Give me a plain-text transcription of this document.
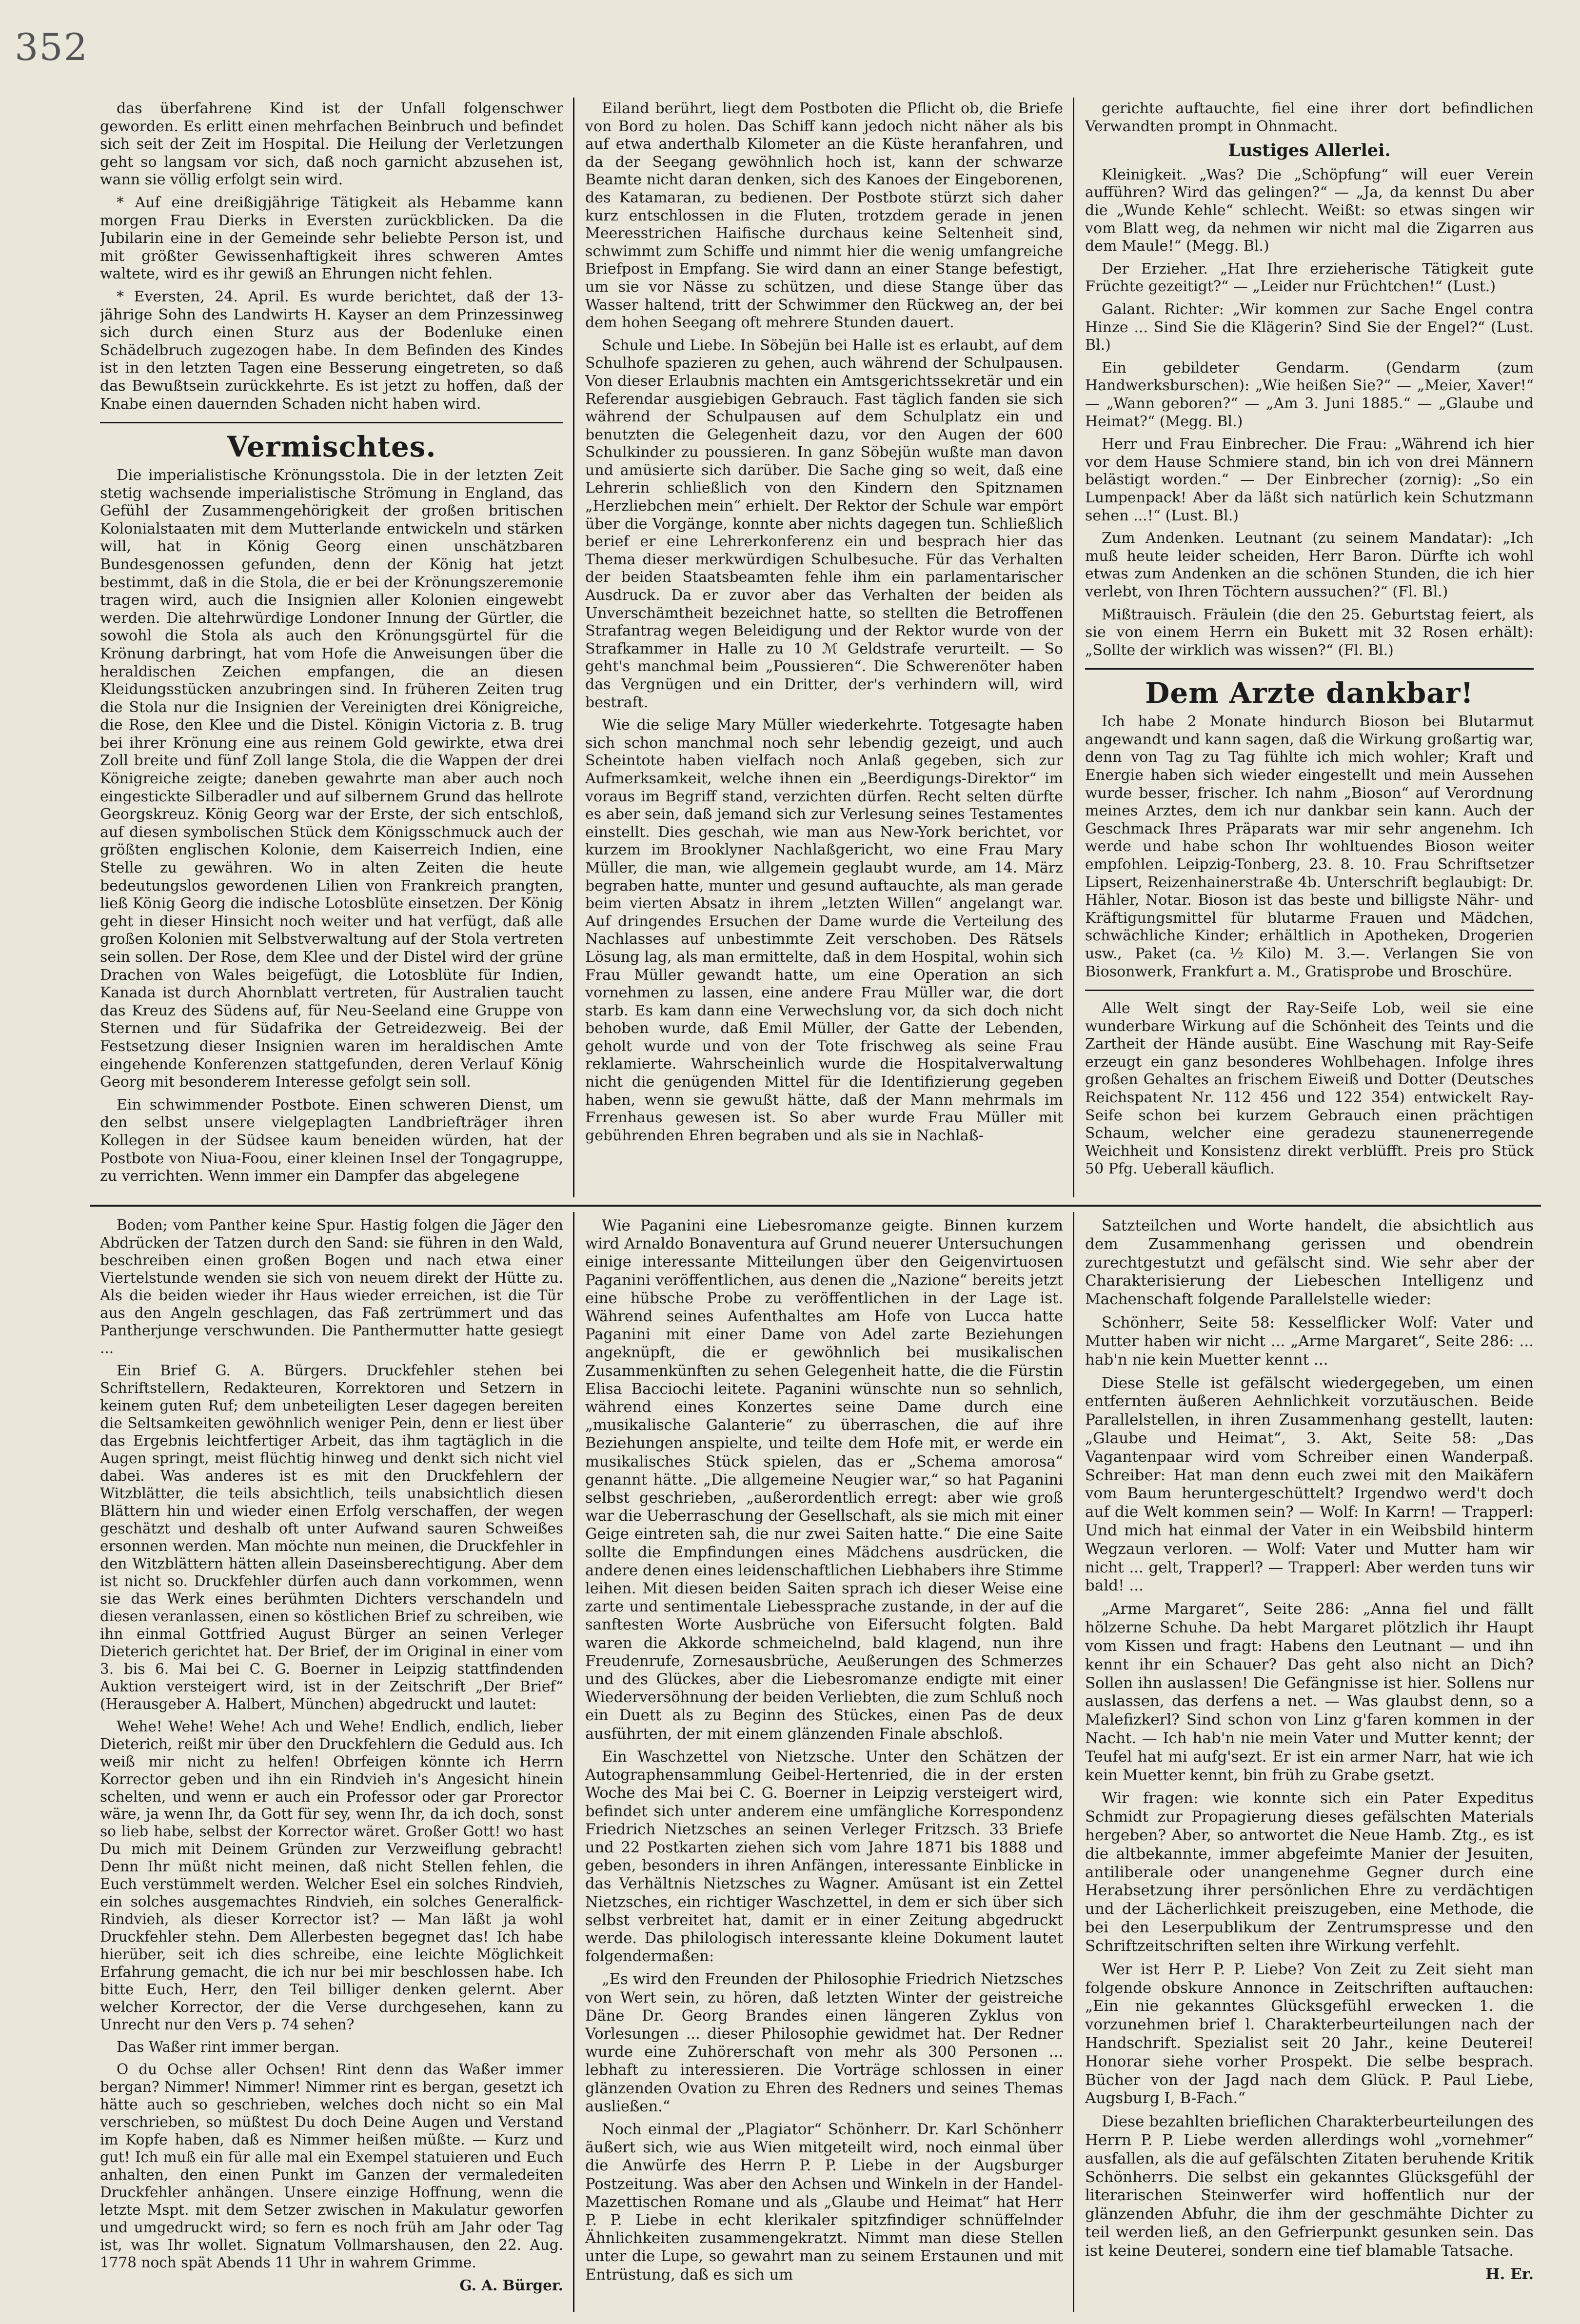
352

das überfahrene Kind ist der Unfall folgenschwer geworden. Es erlitt einen mehrfachen Beinbruch und befindet sich seit der Zeit im Hospital. Die Heilung der Verletzungen geht so langsam vor sich, daß noch garnicht abzusehen ist, wann sie völlig erfolgt sein wird.

* Auf eine dreißigjährige Tätigkeit als Hebamme kann morgen Frau Dierks in Eversten zurückblicken. Da die Jubilarin eine in der Gemeinde sehr beliebte Person ist, und mit größter Gewissenhaftigkeit ihres schweren Amtes waltete, wird es ihr gewiß an Ehrungen nicht fehlen.

* Eversten, 24. April. Es wurde berichtet, daß der 13-jährige Sohn des Landwirts H. Kayser an dem Prinzessinweg sich durch einen Sturz aus der Bodenluke einen Schädelbruch zugezogen habe. In dem Befinden des Kindes ist in den letzten Tagen eine Besserung eingetreten, so daß das Bewußtsein zurückkehrte. Es ist jetzt zu hoffen, daß der Knabe einen dauernden Schaden nicht haben wird.

Vermischtes.

Die imperialistische Krönungsstola. Die in der letzten Zeit stetig wachsende imperialistische Strömung in England, das Gefühl der Zusammengehörigkeit der großen britischen Kolonialstaaten mit dem Mutterlande entwickeln und stärken will, hat in König Georg einen unschätzbaren Bundesgenossen gefunden, denn der König hat jetzt bestimmt, daß in die Stola, die er bei der Krönungszeremonie tragen wird, auch die Insignien aller Kolonien eingewebt werden. Die altehrwürdige Londoner Innung der Gürtler, die sowohl die Stola als auch den Krönungsgürtel für die Krönung darbringt, hat vom Hofe die Anweisungen über die heraldischen Zeichen empfangen, die an diesen Kleidungsstücken anzubringen sind. In früheren Zeiten trug die Stola nur die Insignien der Vereinigten drei Königreiche, die Rose, den Klee und die Distel. Königin Victoria z. B. trug bei ihrer Krönung eine aus reinem Gold gewirkte, etwa drei Zoll breite und fünf Zoll lange Stola, die die Wappen der drei Königreiche zeigte; daneben gewahrte man aber auch noch eingestickte Silberadler und auf silbernem Grund das hellrote Georgskreuz. König Georg war der Erste, der sich entschloß, auf diesen symbolischen Stück dem Königsschmuck auch der größten englischen Kolonie, dem Kaiserreich Indien, eine Stelle zu gewähren. Wo in alten Zeiten die heute bedeutungslos gewordenen Lilien von Frankreich prangten, ließ König Georg die indische Lotosblüte einsetzen. Der König geht in dieser Hinsicht noch weiter und hat verfügt, daß alle großen Kolonien mit Selbstverwaltung auf der Stola vertreten sein sollen. Der Rose, dem Klee und der Distel wird der grüne Drachen von Wales beigefügt, die Lotosblüte für Indien, Kanada ist durch Ahornblatt vertreten, für Australien taucht das Kreuz des Südens auf, für Neu-Seeland eine Gruppe von Sternen und für Südafrika der Getreidezweig. Bei der Festsetzung dieser Insignien waren im heraldischen Amte eingehende Konferenzen stattgefunden, deren Verlauf König Georg mit besonderem Interesse gefolgt sein soll.

Ein schwimmender Postbote. Einen schweren Dienst, um den selbst unsere vielgeplagten Landbriefträger ihren Kollegen in der Südsee kaum beneiden würden, hat der Postbote von Niua-Foou, einer kleinen Insel der Tongagruppe, zu verrichten. Wenn immer ein Dampfer das abgelegene

Eiland berührt, liegt dem Postboten die Pflicht ob, die Briefe von Bord zu holen. Das Schiff kann jedoch nicht näher als bis auf etwa anderthalb Kilometer an die Küste heranfahren, und da der Seegang gewöhnlich hoch ist, kann der schwarze Beamte nicht daran denken, sich des Kanoes der Eingeborenen, des Katamaran, zu bedienen. Der Postbote stürzt sich daher kurz entschlossen in die Fluten, trotzdem gerade in jenen Meeresstrichen Haifische durchaus keine Seltenheit sind, schwimmt zum Schiffe und nimmt hier die wenig umfangreiche Briefpost in Empfang. Sie wird dann an einer Stange befestigt, um sie vor Nässe zu schützen, und diese Stange über das Wasser haltend, tritt der Schwimmer den Rückweg an, der bei dem hohen Seegang oft mehrere Stunden dauert.

Schule und Liebe. In Söbejün bei Halle ist es erlaubt, auf dem Schulhofe spazieren zu gehen, auch während der Schulpausen. Von dieser Erlaubnis machten ein Amtsgerichtssekretär und ein Referendar ausgiebigen Gebrauch. Fast täglich fanden sie sich während der Schulpausen auf dem Schulplatz ein und benutzten die Gelegenheit dazu, vor den Augen der 600 Schulkinder zu poussieren. In ganz Söbejün wußte man davon und amüsierte sich darüber. Die Sache ging so weit, daß eine Lehrerin schließlich von den Kindern den Spitznamen „Herzliebchen mein“ erhielt. Der Rektor der Schule war empört über die Vorgänge, konnte aber nichts dagegen tun. Schließlich berief er eine Lehrerkonferenz ein und besprach hier das Thema dieser merkwürdigen Schulbesuche. Für das Verhalten der beiden Staatsbeamten fehle ihm ein parlamentarischer Ausdruck. Da er zuvor aber das Verhalten der beiden als Unverschämtheit bezeichnet hatte, so stellten die Betroffenen Strafantrag wegen Beleidigung und der Rektor wurde von der Strafkammer in Halle zu 10 ℳ Geldstrafe verurteilt. — So geht's manchmal beim „Poussieren“. Die Schwerenöter haben das Vergnügen und ein Dritter, der's verhindern will, wird bestraft.

Wie die selige Mary Müller wiederkehrte. Totgesagte haben sich schon manchmal noch sehr lebendig gezeigt, und auch Scheintote haben vielfach noch Anlaß gegeben, sich zur Aufmerksamkeit, welche ihnen ein „Beerdigungs-Direktor“ im voraus im Begriff stand, verzichten dürfen. Recht selten dürfte es aber sein, daß jemand sich zur Verlesung seines Testamentes einstellt. Dies geschah, wie man aus New-York berichtet, vor kurzem im Brooklyner Nachlaßgericht, wo eine Frau Mary Müller, die man, wie allgemein geglaubt wurde, am 14. März begraben hatte, munter und gesund auftauchte, als man gerade beim vierten Absatz in ihrem „letzten Willen“ angelangt war. Auf dringendes Ersuchen der Dame wurde die Verteilung des Nachlasses auf unbestimmte Zeit verschoben. Des Rätsels Lösung lag, als man ermittelte, daß in dem Hospital, wohin sich Frau Müller gewandt hatte, um eine Operation an sich vornehmen zu lassen, eine andere Frau Müller war, die dort starb. Es kam dann eine Verwechslung vor, da sich doch nicht behoben wurde, daß Emil Müller, der Gatte der Lebenden, geholt wurde und von der Tote frischweg als seine Frau reklamierte. Wahrscheinlich wurde die Hospitalverwaltung nicht die genügenden Mittel für die Identifizierung gegeben haben, wenn sie gewußt hätte, daß der Mann mehrmals im Frrenhaus gewesen ist. So aber wurde Frau Müller mit gebührenden Ehren begraben und als sie in Nachlaß-

gerichte auftauchte, fiel eine ihrer dort befindlichen Verwandten prompt in Ohnmacht.

Lustiges Allerlei.

Kleinigkeit. „Was? Die „Schöpfung“ will euer Verein aufführen? Wird das gelingen?“ — „Ja, da kennst Du aber die „Wunde Kehle“ schlecht. Weißt: so etwas singen wir vom Blatt weg, da nehmen wir nicht mal die Zigarren aus dem Maule!“ (Megg. Bl.)

Der Erzieher. „Hat Ihre erzieherische Tätigkeit gute Früchte gezeitigt?“ — „Leider nur Früchtchen!“ (Lust.)

Galant. Richter: „Wir kommen zur Sache Engel contra Hinze ... Sind Sie die Klägerin? Sind Sie der Engel?“ (Lust. Bl.)

Ein gebildeter Gendarm. (Gendarm (zum Handwerksburschen): „Wie heißen Sie?“ — „Meier, Xaver!“ — „Wann geboren?“ — „Am 3. Juni 1885.“ — „Glaube und Heimat?“ (Megg. Bl.)

Herr und Frau Einbrecher. Die Frau: „Während ich hier vor dem Hause Schmiere stand, bin ich von drei Männern belästigt worden.“ — Der Einbrecher (zornig): „So ein Lumpenpack! Aber da läßt sich natürlich kein Schutzmann sehen ...!“ (Lust. Bl.)

Zum Andenken. Leutnant (zu seinem Mandatar): „Ich muß heute leider scheiden, Herr Baron. Dürfte ich wohl etwas zum Andenken an die schönen Stunden, die ich hier verlebt, von Ihren Töchtern aussuchen?“ (Fl. Bl.)

Mißtrauisch. Fräulein (die den 25. Geburtstag feiert, als sie von einem Herrn ein Bukett mit 32 Rosen erhält): „Sollte der wirklich was wissen?“ (Fl. Bl.)

Dem Arzte dankbar!

Ich habe 2 Monate hindurch Bioson bei Blutarmut angewandt und kann sagen, daß die Wirkung großartig war, denn von Tag zu Tag fühlte ich mich wohler; Kraft und Energie haben sich wieder eingestellt und mein Aussehen wurde besser, frischer. Ich nahm „Bioson“ auf Verordnung meines Arztes, dem ich nur dankbar sein kann. Auch der Geschmack Ihres Präparats war mir sehr angenehm. Ich werde und habe schon Ihr wohltuendes Bioson weiter empfohlen. Leipzig-Tonberg, 23. 8. 10. Frau Schriftsetzer Lipsert, Reizenhainerstraße 4b. Unterschrift beglaubigt: Dr. Hähler, Notar. Bioson ist das beste und billigste Nähr- und Kräftigungsmittel für blutarme Frauen und Mädchen, schwächliche Kinder; erhältlich in Apotheken, Drogerien usw., Paket (ca. ½ Kilo) M. 3.—. Verlangen Sie von Biosonwerk, Frankfurt a. M., Gratisprobe und Broschüre.

Alle Welt singt der Ray-Seife Lob, weil sie eine wunderbare Wirkung auf die Schönheit des Teints und die Zartheit der Hände ausübt. Eine Waschung mit Ray-Seife erzeugt ein ganz besonderes Wohlbehagen. Infolge ihres großen Gehaltes an frischem Eiweiß und Dotter (Deutsches Reichspatent Nr. 112 456 und 122 354) entwickelt Ray-Seife schon bei kurzem Gebrauch einen prächtigen Schaum, welcher eine geradezu staunenerregende Weichheit und Konsistenz direkt verblüfft. Preis pro Stück 50 Pfg. Ueberall käuflich.

Boden; vom Panther keine Spur. Hastig folgen die Jäger den Abdrücken der Tatzen durch den Sand: sie führen in den Wald, beschreiben einen großen Bogen und nach etwa einer Viertelstunde wenden sie sich von neuem direkt der Hütte zu. Als die beiden wieder ihr Haus wieder erreichen, ist die Tür aus den Angeln geschlagen, das Faß zertrümmert und das Pantherjunge verschwunden. Die Panthermutter hatte gesiegt ...

Ein Brief G. A. Bürgers. Druckfehler stehen bei Schriftstellern, Redakteuren, Korrektoren und Setzern in keinem guten Ruf; dem unbeteiligten Leser dagegen bereiten die Seltsamkeiten gewöhnlich weniger Pein, denn er liest über das Ergebnis leichtfertiger Arbeit, das ihm tagtäglich in die Augen springt, meist flüchtig hinweg und denkt sich nicht viel dabei. Was anderes ist es mit den Druckfehlern der Witzblätter, die teils absichtlich, teils unabsichtlich diesen Blättern hin und wieder einen Erfolg verschaffen, der wegen geschätzt und deshalb oft unter Aufwand sauren Schweißes ersonnen werden. Man möchte nun meinen, die Druckfehler in den Witzblättern hätten allein Daseinsberechtigung. Aber dem ist nicht so. Druckfehler dürfen auch dann vorkommen, wenn sie das Werk eines berühmten Dichters verschandeln und diesen veranlassen, einen so köstlichen Brief zu schreiben, wie ihn einmal Gottfried August Bürger an seinen Verleger Dieterich gerichtet hat. Der Brief, der im Original in einer vom 3. bis 6. Mai bei C. G. Boerner in Leipzig stattfindenden Auktion versteigert wird, ist in der Zeitschrift „Der Brief“ (Herausgeber A. Halbert, München) abgedruckt und lautet:

Wehe! Wehe! Wehe! Ach und Wehe! Endlich, endlich, lieber Dieterich, reißt mir über den Druckfehlern die Geduld aus. Ich weiß mir nicht zu helfen! Obrfeigen könnte ich Herrn Korrector geben und ihn ein Rindvieh in's Angesicht hinein schelten, und wenn er auch ein Professor oder gar Prorector wäre, ja wenn Ihr, da Gott für sey, wenn Ihr, da ich doch, sonst so lieb habe, selbst der Korrector wäret. Großer Gott! wo hast Du mich mit Deinem Gründen zur Verzweiflung gebracht! Denn Ihr müßt nicht meinen, daß nicht Stellen fehlen, die Euch verstümmelt werden. Welcher Esel ein solches Rindvieh, ein solches ausgemachtes Rindvieh, ein solches Generalfick-Rindvieh, als dieser Korrector ist? — Man läßt ja wohl Druckfehler stehn. Dem Allerbesten begegnet das! Ich habe hierüber, seit ich dies schreibe, eine leichte Möglichkeit Erfahrung gemacht, die ich nur bei mir beschlossen habe. Ich bitte Euch, Herr, den Teil billiger denken gelernt. Aber welcher Korrector, der die Verse durchgesehen, kann zu Unrecht nur den Vers p. 74 sehen?

Das Waßer rint immer bergan.

O du Ochse aller Ochsen! Rint denn das Waßer immer bergan? Nimmer! Nimmer! Nimmer rint es bergan, gesetzt ich hätte auch so geschrieben, welches doch nicht so ein Mal verschrieben, so müßtest Du doch Deine Augen und Verstand im Kopfe haben, daß es Nimmer heißen müßte. — Kurz und gut! Ich muß ein für alle mal ein Exempel statuieren und Euch anhalten, den einen Punkt im Ganzen der vermaledeiten Druckfehler anhängen. Unsere einzige Hoffnung, wenn die letzte Mspt. mit dem Setzer zwischen in Makulatur geworfen und umgedruckt wird; so fern es noch früh am Jahr oder Tag ist, was Ihr wollet. Signatum Vollmarshausen, den 22. Aug. 1778 noch spät Abends 11 Uhr in wahrem Grimme.

G. A. Bürger.

Wie Paganini eine Liebesromanze geigte. Binnen kurzem wird Arnaldo Bonaventura auf Grund neuerer Untersuchungen einige interessante Mitteilungen über den Geigenvirtuosen Paganini veröffentlichen, aus denen die „Nazione“ bereits jetzt eine hübsche Probe zu veröffentlichen in der Lage ist. Während seines Aufenthaltes am Hofe von Lucca hatte Paganini mit einer Dame von Adel zarte Beziehungen angeknüpft, die er gewöhnlich bei musikalischen Zusammenkünften zu sehen Gelegenheit hatte, die die Fürstin Elisa Bacciochi leitete. Paganini wünschte nun so sehnlich, während eines Konzertes seine Dame durch eine „musikalische Galanterie“ zu überraschen, die auf ihre Beziehungen anspielte, und teilte dem Hofe mit, er werde ein musikalisches Stück spielen, das er „Schema amorosa“ genannt hätte. „Die allgemeine Neugier war,“ so hat Paganini selbst geschrieben, „außerordentlich erregt: aber wie groß war die Ueberraschung der Gesellschaft, als sie mich mit einer Geige eintreten sah, die nur zwei Saiten hatte.“ Die eine Saite sollte die Empfindungen eines Mädchens ausdrücken, die andere denen eines leidenschaftlichen Liebhabers ihre Stimme leihen. Mit diesen beiden Saiten sprach ich dieser Weise eine zarte und sentimentale Liebessprache zustande, in der auf die sanftesten Worte Ausbrüche von Eifersucht folgten. Bald waren die Akkorde schmeichelnd, bald klagend, nun ihre Freudenrufe, Zornesausbrüche, Aeußerungen des Schmerzes und des Glückes, aber die Liebesromanze endigte mit einer Wiederversöhnung der beiden Verliebten, die zum Schluß noch ein Duett als zu Beginn des Stückes, einen Pas de deux ausführten, der mit einem glänzenden Finale abschloß.

Ein Waschzettel von Nietzsche. Unter den Schätzen der Autographensammlung Geibel-Hertenried, die in der ersten Woche des Mai bei C. G. Boerner in Leipzig versteigert wird, befindet sich unter anderem eine umfängliche Korrespondenz Friedrich Nietzsches an seinen Verleger Fritzsch. 33 Briefe und 22 Postkarten ziehen sich vom Jahre 1871 bis 1888 und geben, besonders in ihren Anfängen, interessante Einblicke in das Verhältnis Nietzsches zu Wagner. Amüsant ist ein Zettel Nietzsches, ein richtiger Waschzettel, in dem er sich über sich selbst verbreitet hat, damit er in einer Zeitung abgedruckt werde. Das philologisch interessante kleine Dokument lautet folgendermaßen:

„Es wird den Freunden der Philosophie Friedrich Nietzsches von Wert sein, zu hören, daß letzten Winter der geistreiche Däne Dr. Georg Brandes einen längeren Zyklus von Vorlesungen ... dieser Philosophie gewidmet hat. Der Redner wurde eine Zuhörerschaft von mehr als 300 Personen ... lebhaft zu interessieren. Die Vorträge schlossen in einer glänzenden Ovation zu Ehren des Redners und seines Themas ausließen.“

Noch einmal der „Plagiator“ Schönherr. Dr. Karl Schönherr äußert sich, wie aus Wien mitgeteilt wird, noch einmal über die Anwürfe des Herrn P. P. Liebe in der Augsburger Postzeitung. Was aber den Achsen und Winkeln in der Handel-Mazettischen Romane und als „Glaube und Heimat“ hat Herr P. P. Liebe in echt klerikaler spitzfindiger schnüffelnder Ähnlichkeiten zusammengekratzt. Nimmt man diese Stellen unter die Lupe, so gewahrt man zu seinem Erstaunen und mit Entrüstung, daß es sich um

Satzteilchen und Worte handelt, die absichtlich aus dem Zusammenhang gerissen und obendrein zurechtgestutzt und gefälscht sind. Wie sehr aber der Charakterisierung der Liebeschen Intelligenz und Machenschaft folgende Parallelstelle wieder:

Schönherr, Seite 58: Kesselflicker Wolf: Vater und Mutter haben wir nicht ... „Arme Margaret“, Seite 286: ... hab'n nie kein Muetter kennt ...

Diese Stelle ist gefälscht wiedergegeben, um einen entfernten äußeren Aehnlichkeit vorzutäuschen. Beide Parallelstellen, in ihren Zusammenhang gestellt, lauten: „Glaube und Heimat“, 3. Akt, Seite 58: „Das Vagantenpaar wird vom Schreiber einen Wanderpaß. Schreiber: Hat man denn euch zwei mit den Maikäfern vom Baum heruntergeschüttelt? Irgendwo werd't doch auf die Welt kommen sein? — Wolf: In Karrn! — Trapperl: Und mich hat einmal der Vater in ein Weibsbild hinterm Wegzaun verloren. — Wolf: Vater und Mutter ham wir nicht ... gelt, Trapperl? — Trapperl: Aber werden tuns wir bald! ...

„Arme Margaret“, Seite 286: „Anna fiel und fällt hölzerne Schuhe. Da hebt Margaret plötzlich ihr Haupt vom Kissen und fragt: Habens den Leutnant — und ihn kennt ihr ein Schauer? Das geht also nicht an Dich? Sollen ihn auslassen! Die Gefängnisse ist hier. Sollens nur auslassen, das derfens a net. — Was glaubst denn, so a Malefizkerl? Sind schon von Linz g'faren kommen in der Nacht. — Ich hab'n nie mein Vater und Mutter kennt; der Teufel hat mi aufg'sezt. Er ist ein armer Narr, hat wie ich kein Muetter kennt, bin früh zu Grabe gsetzt.

Wir fragen: wie konnte sich ein Pater Expeditus Schmidt zur Propagierung dieses gefälschten Materials hergeben? Aber, so antwortet die Neue Hamb. Ztg., es ist die altbekannte, immer abgefeimte Manier der Jesuiten, antiliberale oder unangenehme Gegner durch eine Herabsetzung ihrer persönlichen Ehre zu verdächtigen und der Lächerlichkeit preiszugeben, eine Methode, die bei den Leserpublikum der Zentrumspresse und den Schriftzeitschriften selten ihre Wirkung verfehlt.

Wer ist Herr P. P. Liebe? Von Zeit zu Zeit sieht man folgende obskure Annonce in Zeitschriften auftauchen: „Ein nie gekanntes Glücksgefühl erwecken 1. die vorzunehmen brief l. Charakterbeurteilungen nach der Handschrift. Spezialist seit 20 Jahr., keine Deuterei! Honorar siehe vorher Prospekt. Die selbe besprach. Bücher von der Jagd nach dem Glück. P. Paul Liebe, Augsburg I, B-Fach.“

Diese bezahlten brieflichen Charakterbeurteilungen des Herrn P. P. Liebe werden allerdings wohl „vornehmer“ ausfallen, als die auf gefälschten Zitaten beruhende Kritik Schönherrs. Die selbst ein gekanntes Glücksgefühl der literarischen Steinwerfer wird hoffentlich nur der glänzenden Abfuhr, die ihm der geschmähte Dichter zu teil werden ließ, an den Gefrierpunkt gesunken sein. Das ist keine Deuterei, sondern eine tief blamable Tatsache.

H. Er.
